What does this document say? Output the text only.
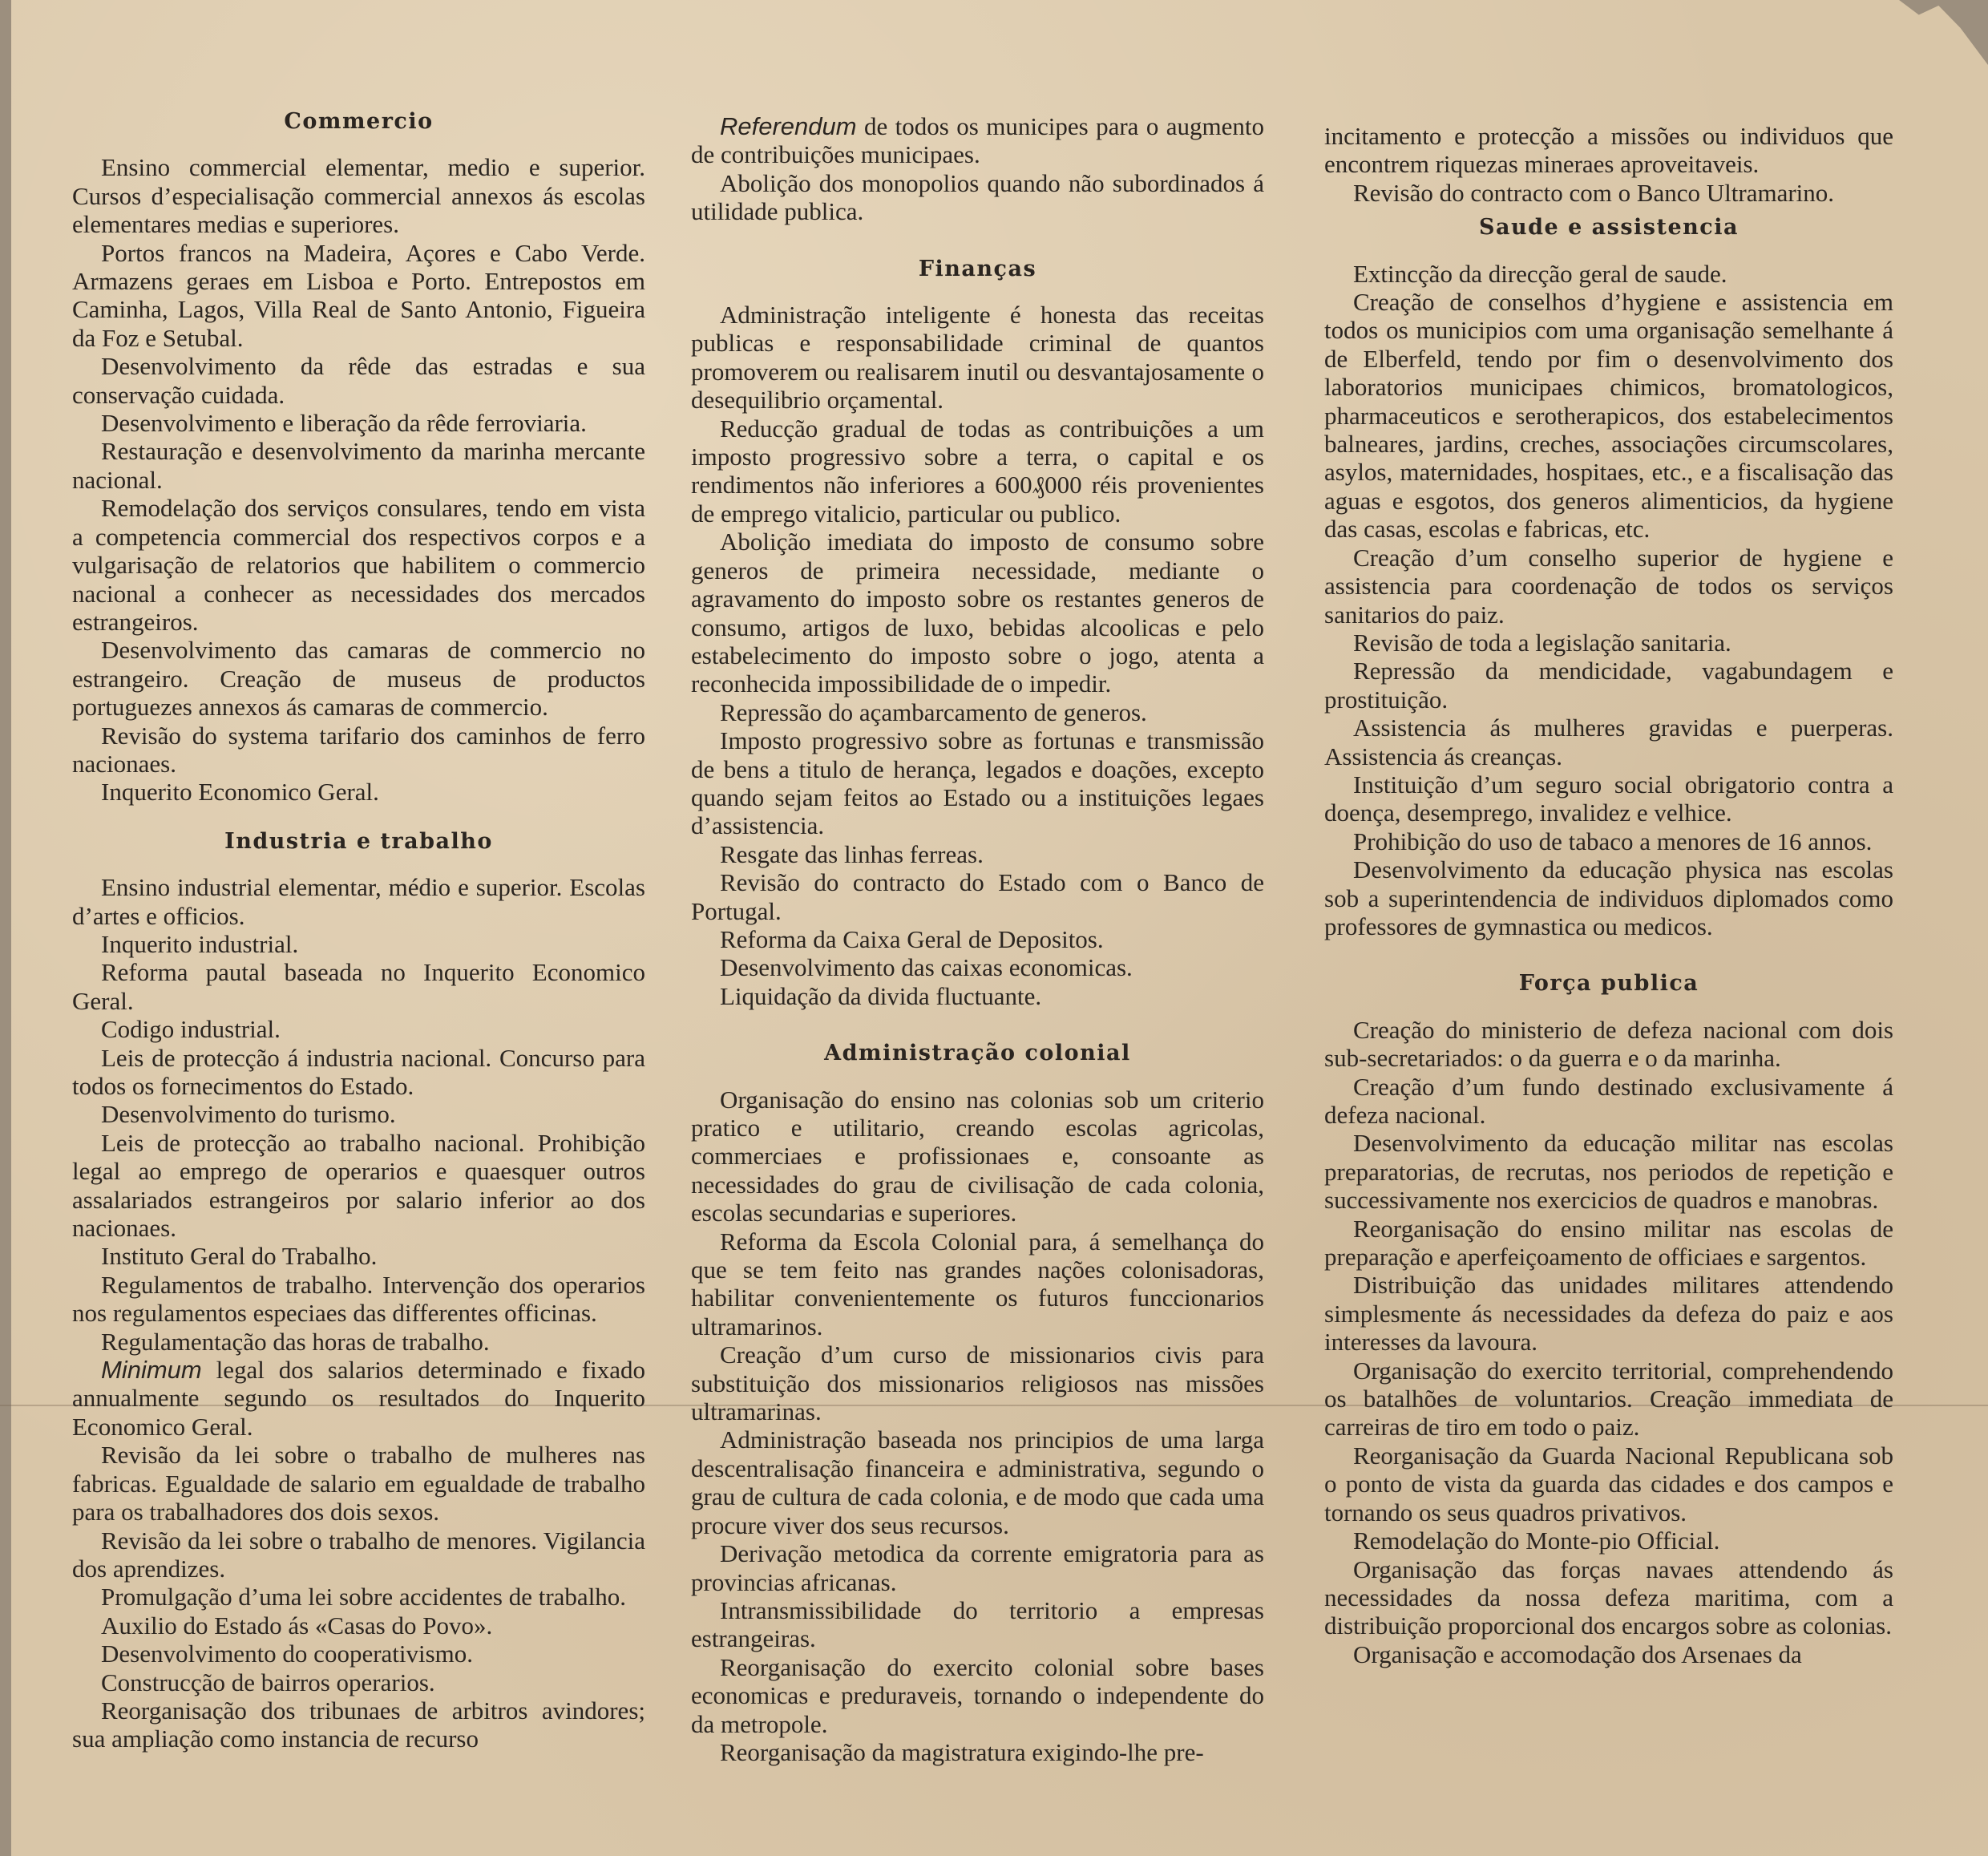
Commercio

Ensino commercial elementar, medio e superior. Cursos d’especialisação commercial annexos ás escolas elementares medias e superiores.

Portos francos na Madeira, Açores e Cabo Verde. Armazens geraes em Lisboa e Porto. Entrepostos em Caminha, Lagos, Villa Real de Santo Antonio, Figueira da Foz e Setubal.

Desenvolvimento da rêde das estradas e sua conservação cuidada.

Desenvolvimento e liberação da rêde ferroviaria.

Restauração e desenvolvimento da marinha mercante nacional.

Remodelação dos serviços consulares, tendo em vista a competencia commercial dos respectivos corpos e a vulgarisação de relatorios que habilitem o commercio nacional a conhecer as necessidades dos mercados estrangeiros.

Desenvolvimento das camaras de commercio no estrangeiro. Creação de museus de productos portuguezes annexos ás camaras de commercio.

Revisão do systema tarifario dos caminhos de ferro nacionaes.

Inquerito Economico Geral.

Industria e trabalho

Ensino industrial elementar, médio e superior. Escolas d’artes e officios.

Inquerito industrial.

Reforma pautal baseada no Inquerito Economico Geral.

Codigo industrial.

Leis de protecção á industria nacional. Concurso para todos os fornecimentos do Estado.

Desenvolvimento do turismo.

Leis de protecção ao trabalho nacional. Prohibição legal ao emprego de operarios e quaesquer outros assalariados estrangeiros por salario inferior ao dos nacionaes.

Instituto Geral do Trabalho.

Regulamentos de trabalho. Intervenção dos operarios nos regulamentos especiaes das differentes officinas.

Regulamentação das horas de trabalho.

Minimum legal dos salarios determinado e fixado annualmente segundo os resultados do Inquerito Economico Geral.

Revisão da lei sobre o trabalho de mulheres nas fabricas. Egualdade de salario em egualdade de trabalho para os trabalhadores dos dois sexos.

Revisão da lei sobre o trabalho de menores. Vigilancia dos aprendizes.

Promulgação d’uma lei sobre accidentes de trabalho.

Auxilio do Estado ás «Casas do Povo».

Desenvolvimento do cooperativismo.

Construcção de bairros operarios.

Reorganisação dos tribunaes de arbitros avindores; sua ampliação como instancia de recurso

Referendum de todos os municipes para o augmento de contribuições municipaes.

Abolição dos monopolios quando não subordinados á utilidade publica.

Finanças

Administração inteligente é honesta das receitas publicas e responsabilidade criminal de quantos promoverem ou realisarem inutil ou desvantajosamente o desequilibrio orçamental.

Reducção gradual de todas as contribuições a um imposto progressivo sobre a terra, o capital e os rendimentos não inferiores a 600₰000 réis provenientes de emprego vitalicio, particular ou publico.

Abolição imediata do imposto de consumo sobre generos de primeira necessidade, mediante o agravamento do imposto sobre os restantes generos de consumo, artigos de luxo, bebidas alcoolicas e pelo estabelecimento do imposto sobre o jogo, atenta a reconhecida impossibilidade de o impedir.

Repressão do açambarcamento de generos.

Imposto progressivo sobre as fortunas e transmissão de bens a titulo de herança, legados e doações, excepto quando sejam feitos ao Estado ou a instituições legaes d’assistencia.

Resgate das linhas ferreas.

Revisão do contracto do Estado com o Banco de Portugal.

Reforma da Caixa Geral de Depositos.

Desenvolvimento das caixas economicas.

Liquidação da divida fluctuante.

Administração colonial

Organisação do ensino nas colonias sob um criterio pratico e utilitario, creando escolas agricolas, commerciaes e profissionaes e, consoante as necessidades do grau de civilisação de cada colonia, escolas secundarias e superiores.

Reforma da Escola Colonial para, á semelhança do que se tem feito nas grandes nações colonisadoras, habilitar convenientemente os futuros funccionarios ultramarinos.

Creação d’um curso de missionarios civis para substituição dos missionarios religiosos nas missões ultramarinas.

Administração baseada nos principios de uma larga descentralisação financeira e administrativa, segundo o grau de cultura de cada colonia, e de modo que cada uma procure viver dos seus recursos.

Derivação metodica da corrente emigratoria para as provincias africanas.

Intransmissibilidade do territorio a empresas estrangeiras.

Reorganisação do exercito colonial sobre bases economicas e preduraveis, tornando o independente do da metropole.

Reorganisação da magistratura exigindo-lhe pre-

incitamento e protecção a missões ou individuos que encontrem riquezas mineraes aproveitaveis.

Revisão do contracto com o Banco Ultramarino.

Saude e assistencia

Extincção da direcção geral de saude.

Creação de conselhos d’hygiene e assistencia em todos os municipios com uma organisação semelhante á de Elberfeld, tendo por fim o desenvolvimento dos laboratorios municipaes chimicos, bromatologicos, pharmaceuticos e serotherapicos, dos estabelecimentos balneares, jardins, creches, associações circumscolares, asylos, maternidades, hospitaes, etc., e a fiscalisação das aguas e esgotos, dos generos alimenticios, da hygiene das casas, escolas e fabricas, etc.

Creação d’um conselho superior de hygiene e assistencia para coordenação de todos os serviços sanitarios do paiz.

Revisão de toda a legislação sanitaria.

Repressão da mendicidade, vagabundagem e prostituição.

Assistencia ás mulheres gravidas e puerperas. Assistencia ás creanças.

Instituição d’um seguro social obrigatorio contra a doença, desemprego, invalidez e velhice.

Prohibição do uso de tabaco a menores de 16 annos.

Desenvolvimento da educação physica nas escolas sob a superintendencia de individuos diplomados como professores de gymnastica ou medicos.

Força publica

Creação do ministerio de defeza nacional com dois sub-secretariados: o da guerra e o da marinha.

Creação d’um fundo destinado exclusivamente á defeza nacional.

Desenvolvimento da educação militar nas escolas preparatorias, de recrutas, nos periodos de repetição e successivamente nos exercicios de quadros e manobras.

Reorganisação do ensino militar nas escolas de preparação e aperfeiçoamento de officiaes e sargentos.

Distribuição das unidades militares attendendo simplesmente ás necessidades da defeza do paiz e aos interesses da lavoura.

Organisação do exercito territorial, comprehendendo os batalhões de voluntarios. Creação immediata de carreiras de tiro em todo o paiz.

Reorganisação da Guarda Nacional Republicana sob o ponto de vista da guarda das cidades e dos campos e tornando os seus quadros privativos.

Remodelação do Monte-pio Official.

Organisação das forças navaes attendendo ás necessidades da nossa defeza maritima, com a distribuição proporcional dos encargos sobre as colonias.

Organisação e accomodação dos Arsenaes da
